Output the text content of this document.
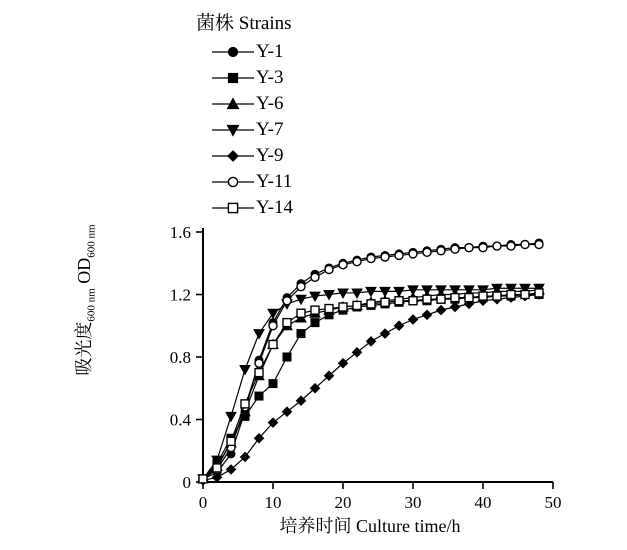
菌株 Strains
Y-1
Y-3
Y-6
Y-7
Y-9
Y-11
Y-14
0	10	20	30	40	50
0
0.4
0.8
1.2
1.6
吸光度$_{600 nm}$ $OD_{600 nm}$
培养时间 Culture time/h
